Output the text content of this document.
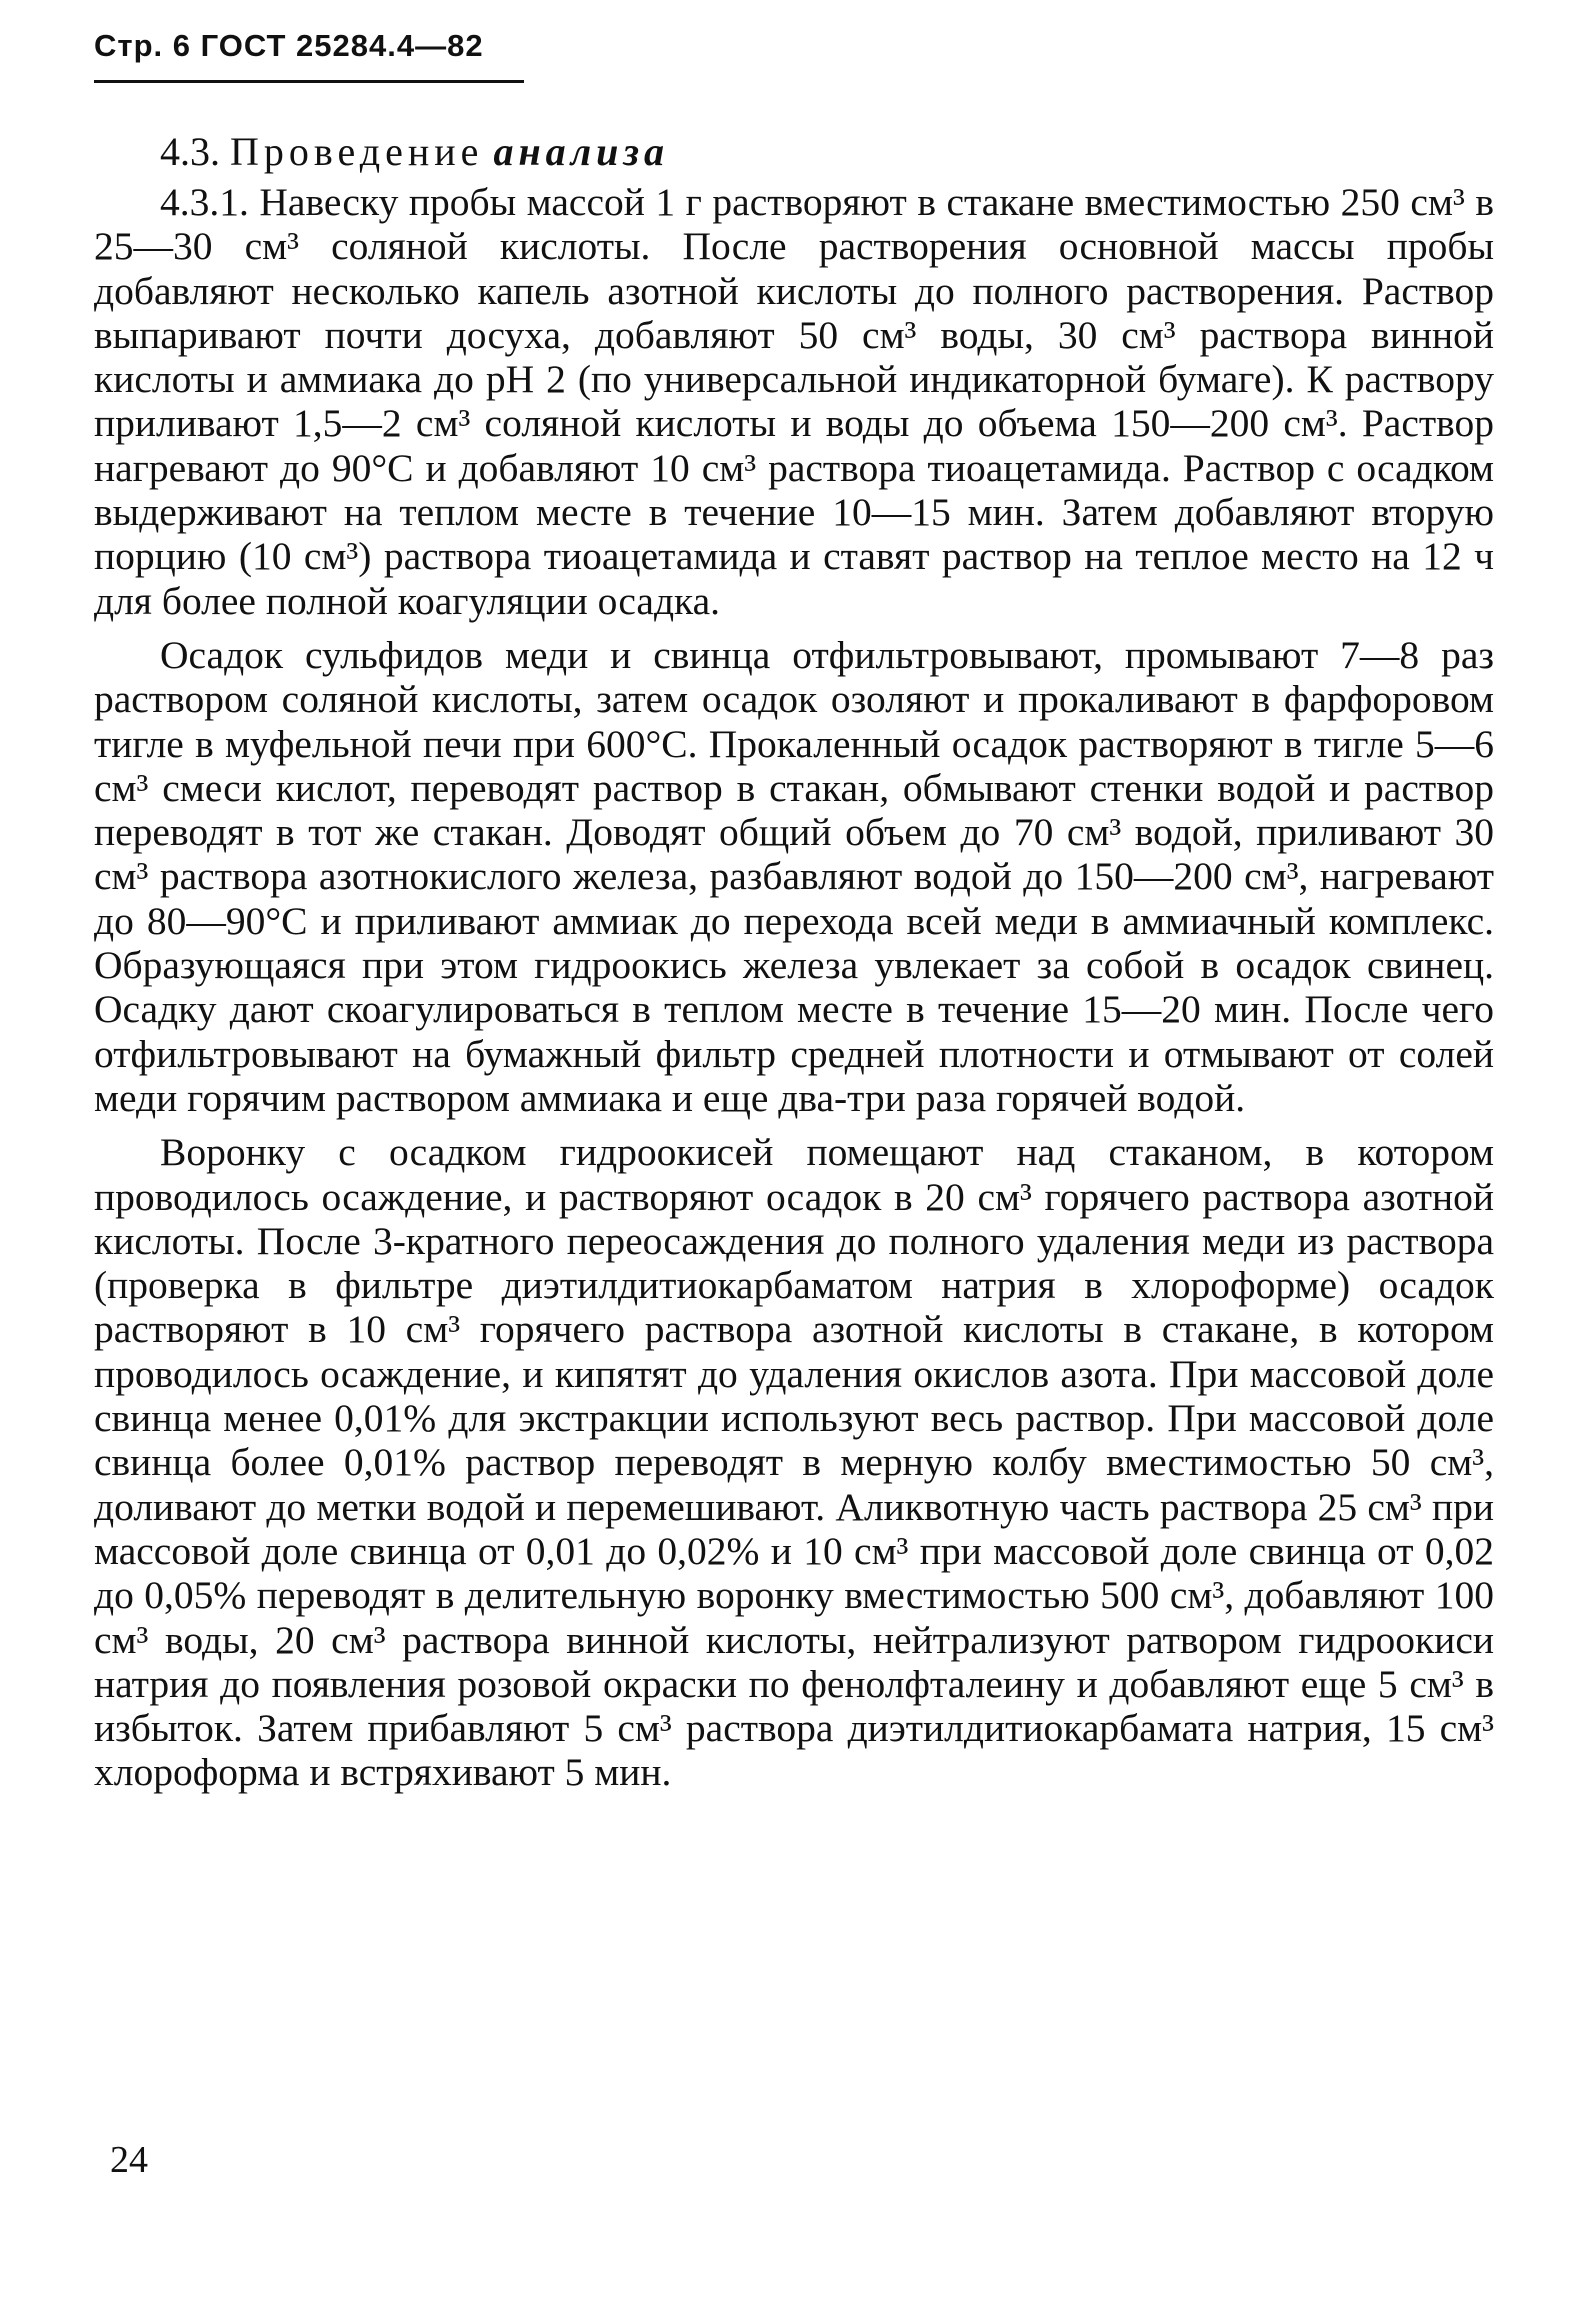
Стр. 6 ГОСТ 25284.4—82
4.3. Проведение анализа

4.3.1. Навеску пробы массой 1 г растворяют в стакане вместимостью 250 см³ в 25—30 см³ соляной кислоты. После растворения основной массы пробы добавляют несколько капель азотной кислоты до полного растворения. Раствор выпаривают почти досуха, добавляют 50 см³ воды, 30 см³ раствора винной кислоты и аммиака до pH 2 (по универсальной индикаторной бумаге). К раствору приливают 1,5—2 см³ соляной кислоты и воды до объема 150—200 см³. Раствор нагревают до 90°С и добавляют 10 см³ раствора тиоацетамида. Раствор с осадком выдерживают на теплом месте в течение 10—15 мин. Затем добавляют вторую порцию (10 см³) раствора тиоацетамида и ставят раствор на теплое место на 12 ч для более полной коагуляции осадка.

Осадок сульфидов меди и свинца отфильтровывают, промывают 7—8 раз раствором соляной кислоты, затем осадок озоляют и прокаливают в фарфоровом тигле в муфельной печи при 600°С. Прокаленный осадок растворяют в тигле 5—6 см³ смеси кислот, переводят раствор в стакан, обмывают стенки водой и раствор переводят в тот же стакан. Доводят общий объем до 70 см³ водой, приливают 30 см³ раствора азотнокислого железа, разбавляют водой до 150—200 см³, нагревают до 80—90°С и приливают аммиак до перехода всей меди в аммиачный комплекс. Образующаяся при этом гидроокись железа увлекает за собой в осадок свинец. Осадку дают скоагулироваться в теплом месте в течение 15—20 мин. После чего отфильтровывают на бумажный фильтр средней плотности и отмывают от солей меди горячим раствором аммиака и еще два-три раза горячей водой.

Воронку с осадком гидроокисей помещают над стаканом, в котором проводилось осаждение, и растворяют осадок в 20 см³ горячего раствора азотной кислоты. После 3-кратного переосаждения до полного удаления меди из раствора (проверка в фильтре диэтилдитиокарбаматом натрия в хлороформе) осадок растворяют в 10 см³ горячего раствора азотной кислоты в стакане, в котором проводилось осаждение, и кипятят до удаления окислов азота. При массовой доле свинца менее 0,01% для экстракции используют весь раствор. При массовой доле свинца более 0,01% раствор переводят в мерную колбу вместимостью 50 см³, доливают до метки водой и перемешивают. Аликвотную часть раствора 25 см³ при массовой доле свинца от 0,01 до 0,02% и 10 см³ при массовой доле свинца от 0,02 до 0,05% переводят в делительную воронку вместимостью 500 см³, добавляют 100 см³ воды, 20 см³ раствора винной кислоты, нейтрализуют ратвором гидроокиси натрия до появления розовой окраски по фенолфталеину и добавляют еще 5 см³ в избыток. Затем прибавляют 5 см³ раствора диэтилдитиокарбамата натрия, 15 см³ хлороформа и встряхивают 5 мин.

24
